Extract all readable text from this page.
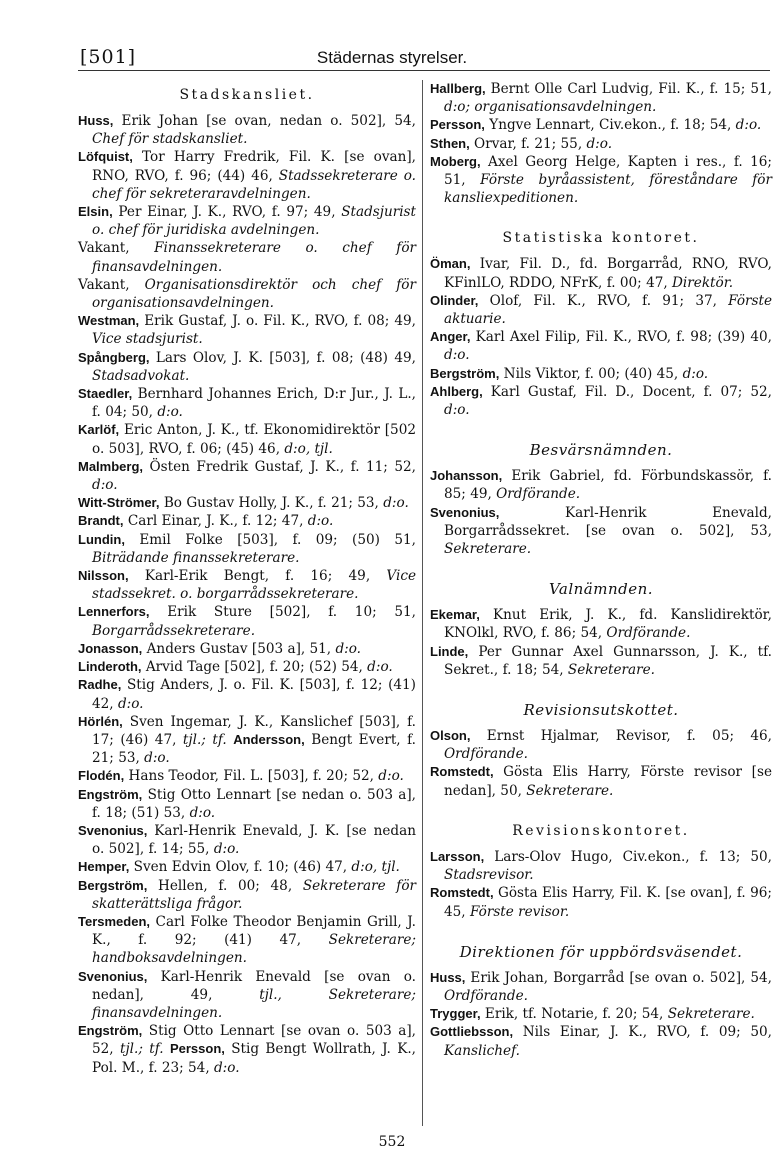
[501]	Städernas styrelser.
Stadskansliet.

Huss, Erik Johan [se ovan, nedan o. 502], 54, Chef för stadskansliet.

Löfquist, Tor Harry Fredrik, Fil. K. [se ovan], RNO, RVO, f. 96; (44) 46, Stadssekreterare o. chef för sekreteraravdelningen.

Elsin, Per Einar, J. K., RVO, f. 97; 49, Stadsjurist o. chef för juridiska avdelningen.

Vakant, Finanssekreterare o. chef för finansavdelningen.

Vakant, Organisationsdirektör och chef för organisationsavdelningen.

Westman, Erik Gustaf, J. o. Fil. K., RVO, f. 08; 49, Vice stadsjurist.

Spångberg, Lars Olov, J. K. [503], f. 08; (48) 49, Stadsadvokat.

Staedler, Bernhard Johannes Erich, D:r Jur., J. L., f. 04; 50, d:o.

Karlöf, Eric Anton, J. K., tf. Ekonomidirektör [502 o. 503], RVO, f. 06; (45) 46, d:o, tjl.

Malmberg, Östen Fredrik Gustaf, J. K., f. 11; 52, d:o.

Witt-Strömer, Bo Gustav Holly, J. K., f. 21; 53, d:o.

Brandt, Carl Einar, J. K., f. 12; 47, d:o.

Lundin, Emil Folke [503], f. 09; (50) 51, Biträdande finanssekreterare.

Nilsson, Karl-Erik Bengt, f. 16; 49, Vice stadssekret. o. borgarrådssekreterare.

Lennerfors, Erik Sture [502], f. 10; 51, Borgarrådssekreterare.

Jonasson, Anders Gustav [503 a], 51, d:o.

Linderoth, Arvid Tage [502], f. 20; (52) 54, d:o.

Radhe, Stig Anders, J. o. Fil. K. [503], f. 12; (41) 42, d:o.

Hörlén, Sven Ingemar, J. K., Kanslichef [503], f. 17; (46) 47, tjl.; tf. Andersson, Bengt Evert, f. 21; 53, d:o.

Flodén, Hans Teodor, Fil. L. [503], f. 20; 52, d:o.

Engström, Stig Otto Lennart [se nedan o. 503 a], f. 18; (51) 53, d:o.

Svenonius, Karl-Henrik Enevald, J. K. [se nedan o. 502], f. 14; 55, d:o.

Hemper, Sven Edvin Olov, f. 10; (46) 47, d:o, tjl.

Bergström, Hellen, f. 00; 48, Sekreterare för skatterättsliga frågor.

Tersmeden, Carl Folke Theodor Benjamin Grill, J. K., f. 92; (41) 47, Sekreterare; handboksavdelningen.

Svenonius, Karl-Henrik Enevald [se ovan o. nedan], 49, tjl., Sekreterare; finansavdelningen.

Engström, Stig Otto Lennart [se ovan o. 503 a], 52, tjl.; tf. Persson, Stig Bengt Wollrath, J. K., Pol. M., f. 23; 54, d:o.

Hallberg, Bernt Olle Carl Ludvig, Fil. K., f. 15; 51, d:o; organisationsavdelningen.

Persson, Yngve Lennart, Civ.ekon., f. 18; 54, d:o.

Sthen, Orvar, f. 21; 55, d:o.

Moberg, Axel Georg Helge, Kapten i res., f. 16; 51, Förste byråassistent, föreståndare för kansliexpeditionen.

Statistiska kontoret.

Öman, Ivar, Fil. D., fd. Borgarråd, RNO, RVO, KFinlLO, RDDO, NFrK, f. 00; 47, Direktör.

Olinder, Olof, Fil. K., RVO, f. 91; 37, Förste aktuarie.

Anger, Karl Axel Filip, Fil. K., RVO, f. 98; (39) 40, d:o.

Bergström, Nils Viktor, f. 00; (40) 45, d:o.

Ahlberg, Karl Gustaf, Fil. D., Docent, f. 07; 52, d:o.

Besvärsnämnden.

Johansson, Erik Gabriel, fd. Förbundskassör, f. 85; 49, Ordförande.

Svenonius, Karl-Henrik Enevald, Borgarrådssekret. [se ovan o. 502], 53, Sekreterare.

Valnämnden.

Ekemar, Knut Erik, J. K., fd. Kanslidirektör, KNOlkl, RVO, f. 86; 54, Ordförande.

Linde, Per Gunnar Axel Gunnarsson, J. K., tf. Sekret., f. 18; 54, Sekreterare.

Revisionsutskottet.

Olson, Ernst Hjalmar, Revisor, f. 05; 46, Ordförande.

Romstedt, Gösta Elis Harry, Förste revisor [se nedan], 50, Sekreterare.

Revisionskontoret.

Larsson, Lars-Olov Hugo, Civ.ekon., f. 13; 50, Stadsrevisor.

Romstedt, Gösta Elis Harry, Fil. K. [se ovan], f. 96; 45, Förste revisor.

Direktionen för uppbördsväsendet.

Huss, Erik Johan, Borgarråd [se ovan o. 502], 54, Ordförande.

Trygger, Erik, tf. Notarie, f. 20; 54, Sekreterare.

Gottliebsson, Nils Einar, J. K., RVO, f. 09; 50, Kanslichef.

552
